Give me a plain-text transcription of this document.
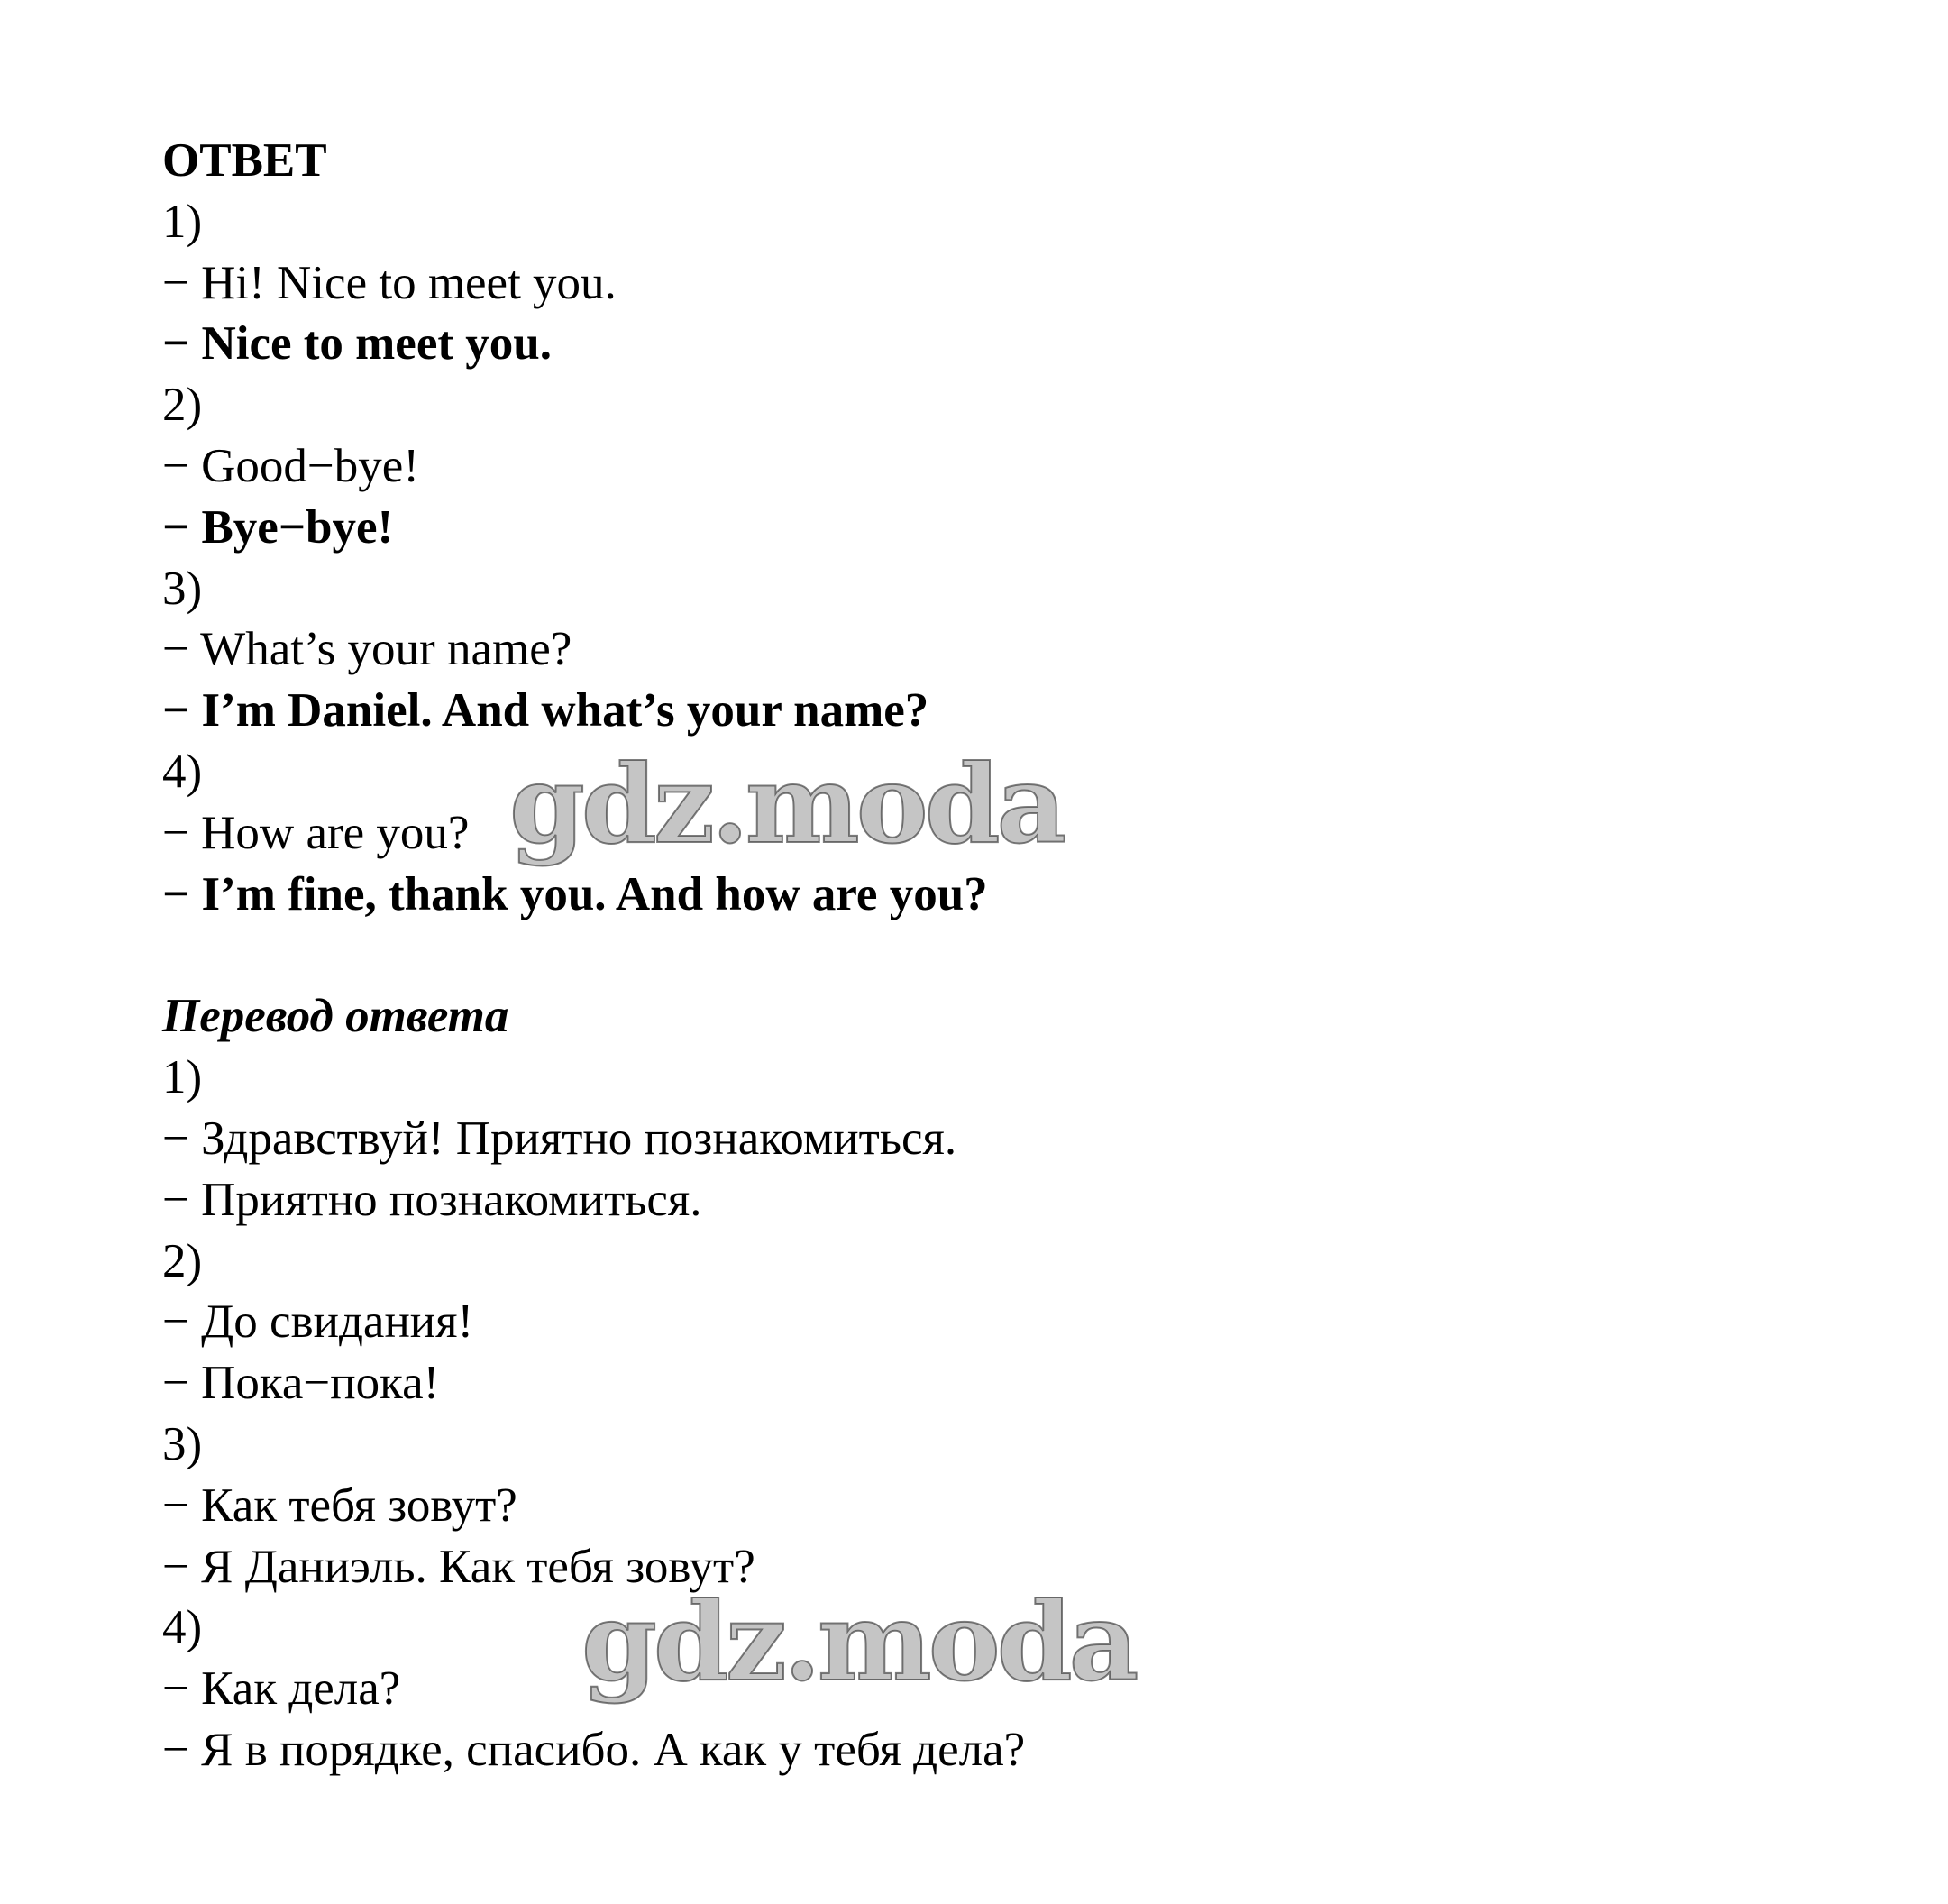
ОТВЕТ
1)
− Hi! Nice to meet you.
− Nice to meet you.
2)
− Good−bye!
− Bye−bye!
3)
− What’s your name?
− I’m Daniel. And what’s your name?
4)
− How are you?
− I’m fine, thank you. And how are you?
Перевод ответа
1)
− Здравствуй! Приятно познакомиться.
− Приятно познакомиться.
2)
− До свидания!
− Пока−пока!
3)
− Как тебя зовут?
− Я Даниэль. Как тебя зовут?
4)
− Как дела?
− Я в порядке, спасибо. А как у тебя дела?
gdz.moda
gdz.moda
